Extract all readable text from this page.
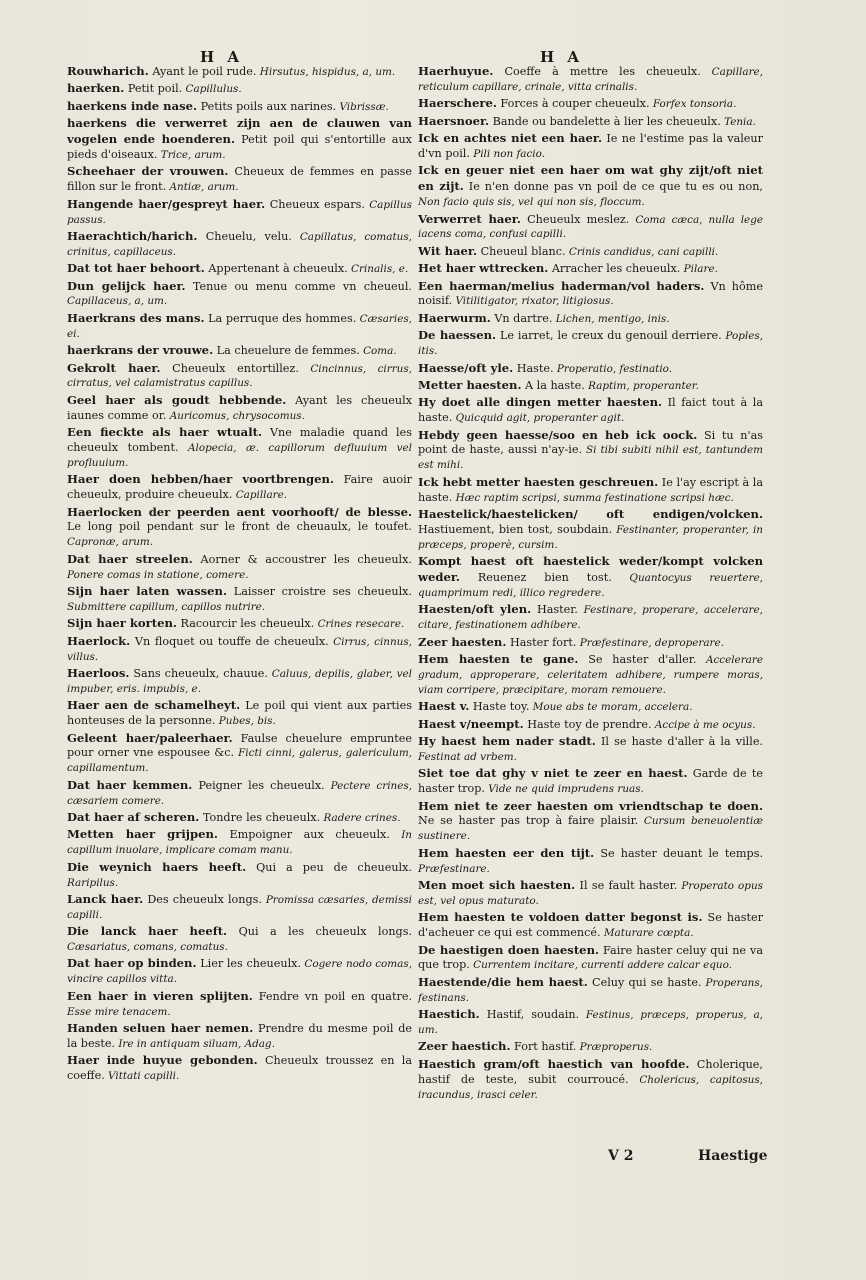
H A	H A
Rouwharich. Ayant le poil rude. Hirsutus, hispidus, a, um.
haerken. Petit poil. Capillulus.
haerkens inde nase. Petits poils aux narines. Vibrissæ.
haerkens die verwerret zijn aen de clauwen van vogelen ende hoenderen. Petit poil qui s'entortille aux pieds d'oiseaux. Trice, arum.
Scheehaer der vrouwen. Cheueux de femmes en passe fillon sur le front. Antiæ, arum.
Hangende haer/gespreyt haer. Cheueux espars. Capillus passus.
Haerachtich/harich. Cheuelu, velu. Capillatus, comatus, crinitus, capillaceus.
Dat tot haer behoort. Appertenant à cheueulx. Crinalis, e.
Dun gelijck haer. Tenue ou menu comme vn cheueul. Capillaceus, a, um.
Haerkrans des mans. La perruque des hommes. Cæsaries, ei.
haerkrans der vrouwe. La cheuelure de femmes. Coma.
Gekrolt haer. Cheueulx entortillez. Cincinnus, cirrus, cirratus, vel calamistratus capillus.
Geel haer als goudt hebbende. Ayant les cheueulx iaunes comme or. Auricomus, chrysocomus.
Een fieckte als haer wtualt. Vne maladie quand les cheueulx tombent. Alopecia, æ. capillorum defluuium vel profluuium.
Haer doen hebben/haer voortbrengen. Faire auoir cheueulx, produire cheueulx. Capillare.
Haerlocken der peerden aent voorhooft/ de blesse. Le long poil pendant sur le front de cheuaulx, le toufet. Capronæ, arum.
Dat haer streelen. Aorner & accoustrer les cheueulx. Ponere comas in statione, comere.
Sijn haer laten wassen. Laisser croistre ses cheueulx. Submittere capillum, capillos nutrire.
Sijn haer korten. Racourcir les cheueulx. Crines resecare.
Haerlock. Vn floquet ou touffe de cheueulx. Cirrus, cinnus, villus.
Haerloos. Sans cheueulx, chauue. Caluus, depilis, glaber, vel impuber, eris. impubis, e.
Haer aen de schamelheyt. Le poil qui vient aux parties honteuses de la personne. Pubes, bis.
Geleent haer/paleerhaer. Faulse cheuelure empruntee pour orner vne espousee &c. Ficti cinni, galerus, galericulum, capillamentum.
Dat haer kemmen. Peigner les cheueulx. Pectere crines, cæsariem comere.
Dat haer af scheren. Tondre les cheueulx. Radere crines.
Metten haer grijpen. Empoigner aux cheueulx. In capillum inuolare, implicare comam manu.
Die weynich haers heeft. Qui a peu de cheueulx. Raripilus.
Lanck haer. Des cheueulx longs. Promissa cæsaries, demissi capilli.
Die lanck haer heeft. Qui a les cheueulx longs. Cæsariatus, comans, comatus.
Dat haer op binden. Lier les cheueulx. Cogere nodo comas, vincire capillos vitta.
Een haer in vieren splijten. Fendre vn poil en quatre. Esse mire tenacem.
Handen seluen haer nemen. Prendre du mesme poil de la beste. Ire in antiquam siluam, Adag.
Haer inde huyue gebonden. Cheueulx troussez en la coeffe. Vittati capilli.
Haerhuyue. Coeffe à mettre les cheueulx. Capillare, reticulum capillare, crinale, vitta crinalis.
Haerschere. Forces à couper cheueulx. Forfex tonsoria.
Haersnoer. Bande ou bandelette à lier les cheueulx. Tenia.
Ick en achtes niet een haer. Ie ne l'estime pas la valeur d'vn poil. Pili non facio.
Ick en geuer niet een haer om wat ghy zijt/oft niet en zijt. Ie n'en donne pas vn poil de ce que tu es ou non, Non facio quis sis, vel qui non sis, floccum.
Verwerret haer. Cheueulx meslez. Coma cæca, nulla lege iacens coma, confusi capilli.
Wit haer. Cheueul blanc. Crinis candidus, cani capilli.
Het haer wttrecken. Arracher les cheueulx. Pilare.
Een haerman/melius haderman/vol haders. Vn hôme noisif. Vitilitigator, rixator, litigiosus.
Haerwurm. Vn dartre. Lichen, mentigo, inis.
De haessen. Le iarret, le creux du genouil derriere. Poples, itis.
Haesse/oft yle. Haste. Properatio, festinatio.
Metter haesten. A la haste. Raptim, properanter.
Hy doet alle dingen metter haesten. Il faict tout à la haste. Quicquid agit, properanter agit.
Hebdy geen haesse/soo en heb ick oock. Si tu n'as point de haste, aussi n'ay-ie. Si tibi subiti nihil est, tantundem est mihi.
Ick hebt metter haesten geschreuen. Ie l'ay escript à la haste. Hæc raptim scripsi, summa festinatione scripsi hæc.
Haestelick/haestelicken/ oft endigen/volcken. Hastiuement, bien tost, soubdain. Festinanter, properanter, in præceps, properè, cursim.
Kompt haest oft haestelick weder/kompt volcken weder. Reuenez bien tost. Quantocyus reuertere, quamprimum redi, illico regredere.
Haesten/oft ylen. Haster. Festinare, properare, accelerare, citare, festinationem adhibere.
Zeer haesten. Haster fort. Præfestinare, deproperare.
Hem haesten te gane. Se haster d'aller. Accelerare gradum, approperare, celeritatem adhibere, rumpere moras, viam corripere, præcipitare, moram remouere.
Haest v. Haste toy. Moue abs te moram, accelera.
Haest v/neempt. Haste toy de prendre. Accipe à me ocyus.
Hy haest hem nader stadt. Il se haste d'aller à la ville. Festinat ad vrbem.
Siet toe dat ghy v niet te zeer en haest. Garde de te haster trop. Vide ne quid imprudens ruas.
Hem niet te zeer haesten om vriendtschap te doen. Ne se haster pas trop à faire plaisir. Cursum beneuolentiæ sustinere.
Hem haesten eer den tijt. Se haster deuant le temps. Præfestinare.
Men moet sich haesten. Il se fault haster. Properato opus est, vel opus maturato.
Hem haesten te voldoen datter begonst is. Se haster d'acheuer ce qui est commencé. Maturare cœpta.
De haestigen doen haesten. Faire haster celuy qui ne va que trop. Currentem incitare, currenti addere calcar equo.
Haestende/die hem haest. Celuy qui se haste. Properans, festinans.
Haestich. Hastif, soudain. Festinus, præceps, properus, a, um.
Zeer haestich. Fort hastif. Præproperus.
Haestich gram/oft haestich van hoofde. Cholerique, hastif de teste, subit courroucé. Cholericus, capitosus, iracundus, irasci celer.
V 2	Haestige
